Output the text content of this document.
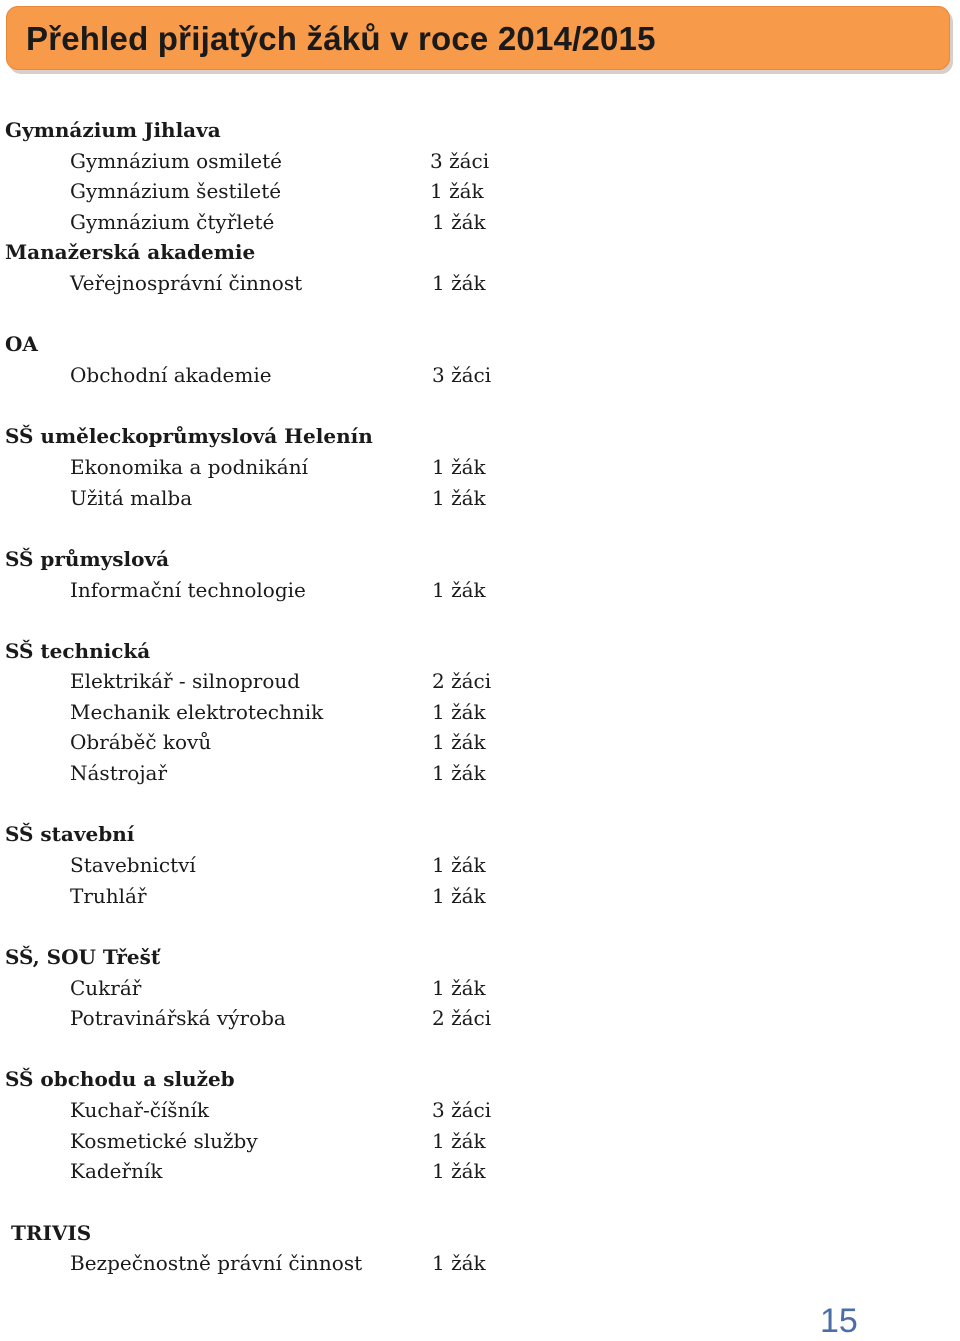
Přehled přijatých žáků v roce 2014/2015
Gymnázium Jihlava
Gymnázium osmileté	3 žáci
Gymnázium šestileté	1 žák
Gymnázium čtyřleté	1 žák
Manažerská akademie
Veřejnosprávní činnost	1 žák
OA
Obchodní akademie	3 žáci
SŠ uměleckoprůmyslová Helenín
Ekonomika a podnikání	1 žák
Užitá malba	1 žák
SŠ průmyslová
Informační technologie	1 žák
SŠ technická
Elektrikář - silnoproud	2 žáci
Mechanik elektrotechnik	1 žák
Obráběč kovů	1 žák
Nástrojař	1 žák
SŠ stavební
Stavebnictví	1 žák
Truhlář	1 žák
SŠ, SOU Třešť
Cukrář	1 žák
Potravinářská výroba	2 žáci
SŠ obchodu a služeb
Kuchař-číšník	3 žáci
Kosmetické služby	1 žák
Kadeřník	1 žák
TRIVIS
Bezpečnostně právní činnost	1 žák
15
